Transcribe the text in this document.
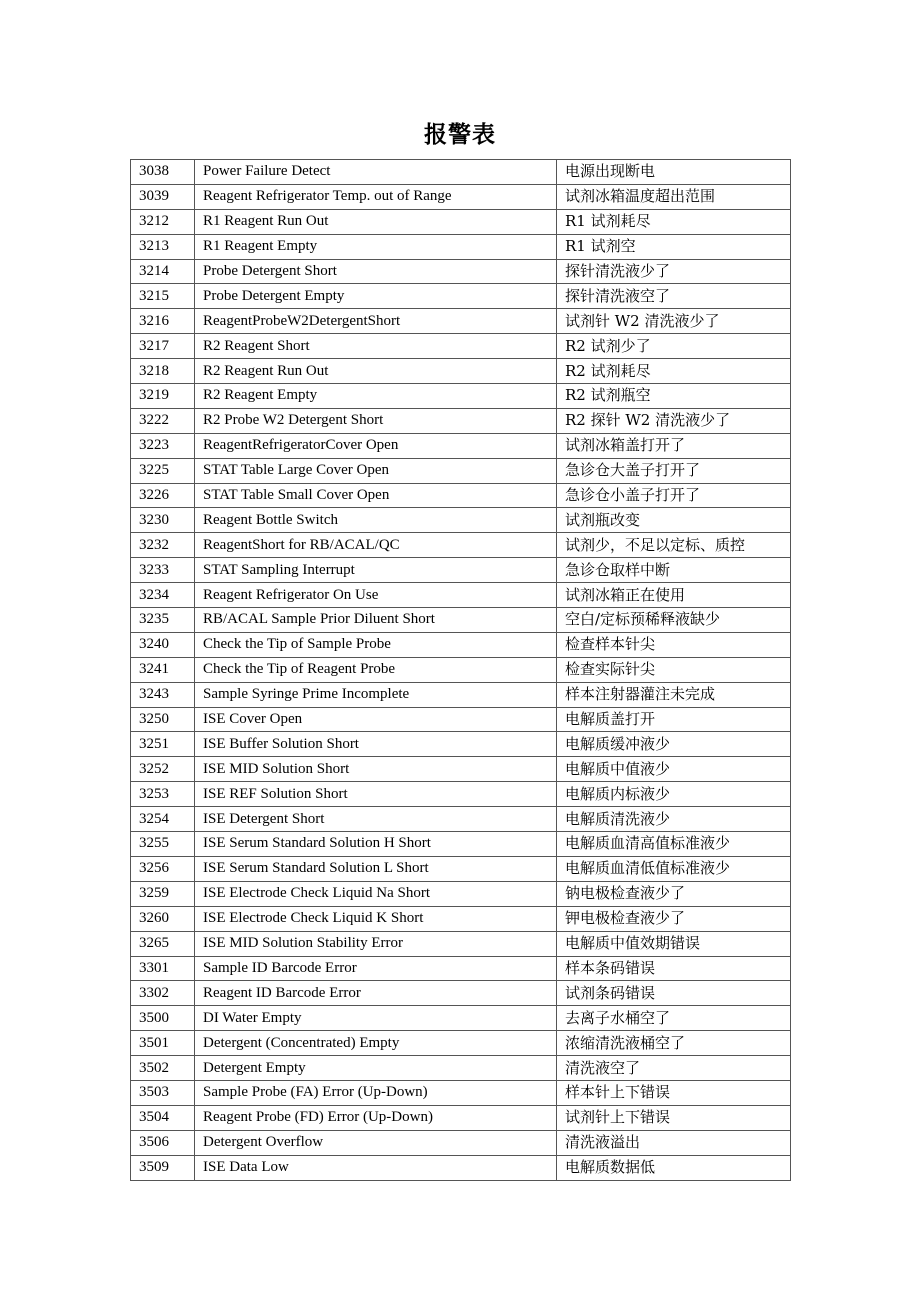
报警表
3038	Power Failure Detect	电源出现断电
3039	Reagent Refrigerator Temp. out of Range	试剂冰箱温度超出范围
3212	R1 Reagent Run Out	R1 试剂耗尽
3213	R1 Reagent Empty	R1 试剂空
3214	Probe Detergent Short	探针清洗液少了
3215	Probe Detergent Empty	探针清洗液空了
3216	ReagentProbeW2DetergentShort	试剂针 W2 清洗液少了
3217	R2 Reagent Short	R2 试剂少了
3218	R2 Reagent Run Out	R2 试剂耗尽
3219	R2 Reagent Empty	R2 试剂瓶空
3222	R2 Probe W2 Detergent Short	R2 探针 W2 清洗液少了
3223	ReagentRefrigeratorCover Open	试剂冰箱盖打开了
3225	STAT Table Large Cover Open	急诊仓大盖子打开了
3226	STAT Table Small Cover Open	急诊仓小盖子打开了
3230	Reagent Bottle Switch	试剂瓶改变
3232	ReagentShort for RB/ACAL/QC	试剂少，不足以定标、质控
3233	STAT Sampling Interrupt	急诊仓取样中断
3234	Reagent Refrigerator On Use	试剂冰箱正在使用
3235	RB/ACAL Sample Prior Diluent Short	空白/定标预稀释液缺少
3240	Check the Tip of Sample Probe	检查样本针尖
3241	Check the Tip of Reagent Probe	检查实际针尖
3243	Sample Syringe Prime Incomplete	样本注射器灌注未完成
3250	ISE Cover Open	电解质盖打开
3251	ISE Buffer Solution Short	电解质缓冲液少
3252	ISE MID Solution Short	电解质中值液少
3253	ISE REF Solution Short	电解质内标液少
3254	ISE Detergent Short	电解质清洗液少
3255	ISE Serum Standard Solution H Short	电解质血清高值标准液少
3256	ISE Serum Standard Solution L Short	电解质血清低值标准液少
3259	ISE Electrode Check Liquid Na Short	钠电极检查液少了
3260	ISE Electrode Check Liquid K Short	钾电极检查液少了
3265	ISE MID Solution Stability Error	电解质中值效期错误
3301	Sample ID Barcode Error	样本条码错误
3302	Reagent ID Barcode Error	试剂条码错误
3500	DI Water Empty	去离子水桶空了
3501	Detergent (Concentrated) Empty	浓缩清洗液桶空了
3502	Detergent Empty	清洗液空了
3503	Sample Probe (FA) Error (Up-Down)	样本针上下错误
3504	Reagent Probe (FD) Error (Up-Down)	试剂针上下错误
3506	Detergent Overflow	清洗液溢出
3509	ISE Data Low	电解质数据低
